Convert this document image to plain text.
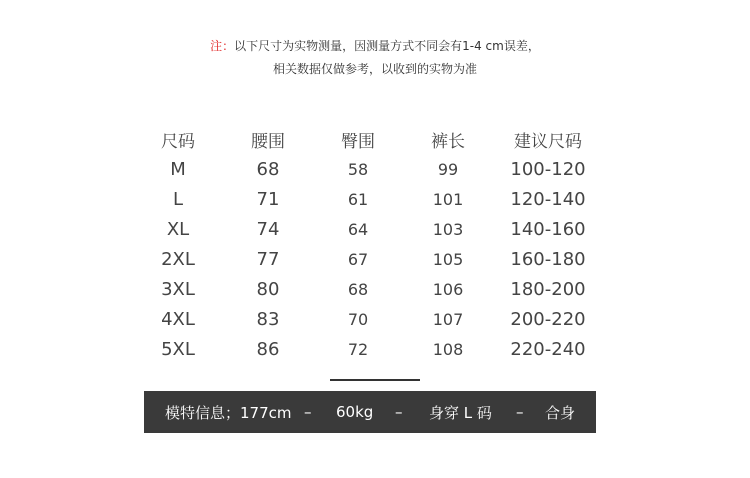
注：以下尺寸为实物测量，因测量方式不同会有1-4 cm误差，
相关数据仅做参考，以收到的实物为准
尺码	腰围	臀围	裤长	建议尺码
M	68	58	99	100-120
L	71	61	101	120-140
XL	74	64	103	140-160
2XL	77	67	105	160-180
3XL	80	68	106	180-200
4XL	83	70	107	200-220
5XL	86	72	108	220-240
模特信息；177cm – 60kg – 身穿 L 码 – 合身
